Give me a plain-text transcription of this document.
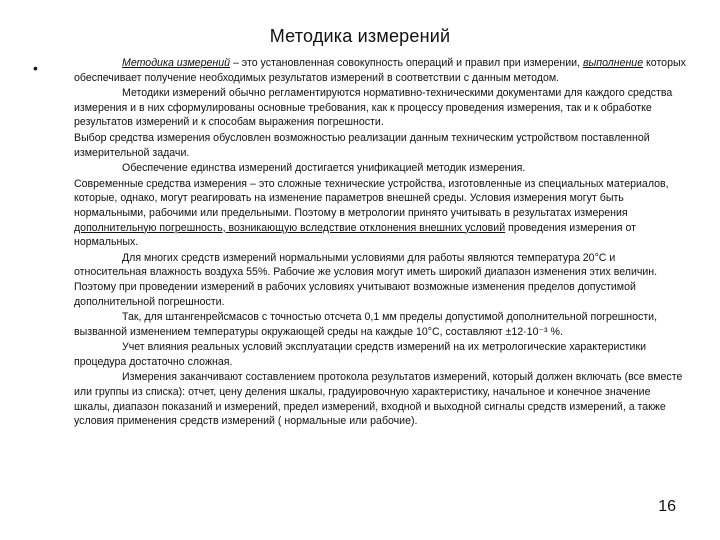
Методика измерений
•	Методика измерений – это установленная совокупность операций и правил при измерении, выполнение которых обеспечивает получение необходимых результатов измерений в соответствии с данным методом.

Методики измерений обычно регламентируются нормативно-техническими документами для каждого средства измерения и в них сформулированы основные требования, как к процессу проведения измерения, так и к обработке результатов измерений и к способам выражения погрешности.

Выбор средства измерения обусловлен возможностью реализации данным техническим устройством поставленной измерительной задачи.

Обеспечение единства измерений достигается унификацией методик измерения.

Современные средства измерения – это сложные технические устройства, изготовленные из специальных материалов, которые, однако, могут реагировать на изменение параметров внешней среды. Условия измерения могут быть нормальными, рабочими или предельными. Поэтому в метрологии принято учитывать в результатах измерения дополнительную погрешность, возникающую вследствие отклонения внешних условий проведения измерения от нормальных.

Для многих средств измерений нормальными условиями для работы являются температура 20°C и относительная влажность воздуха 55%. Рабочие же условия могут иметь широкий диапазон изменения этих величин. Поэтому при проведении измерений в рабочих условиях учитывают возможные изменения пределов допустимой дополнительной погрешности.

Так, для штангенрейсмасов с точностью отсчета 0,1 мм пределы допустимой дополнительной погрешности, вызванной изменением температуры окружающей среды на каждые 10°C, составляют ±12·10⁻³ %.

Учет влияния реальных условий эксплуатации средств измерений на их метрологические характеристики процедура достаточно сложная.

Измерения заканчивают составлением протокола результатов измерений, который должен включать (все вместе или группы из списка): отчет, цену деления шкалы, градуировочную характеристику, начальное и конечное значение шкалы, диапазон показаний и измерений, предел измерений, входной и выходной сигналы средств измерений, а также условия применения средств измерений ( нормальные или рабочие).

16
